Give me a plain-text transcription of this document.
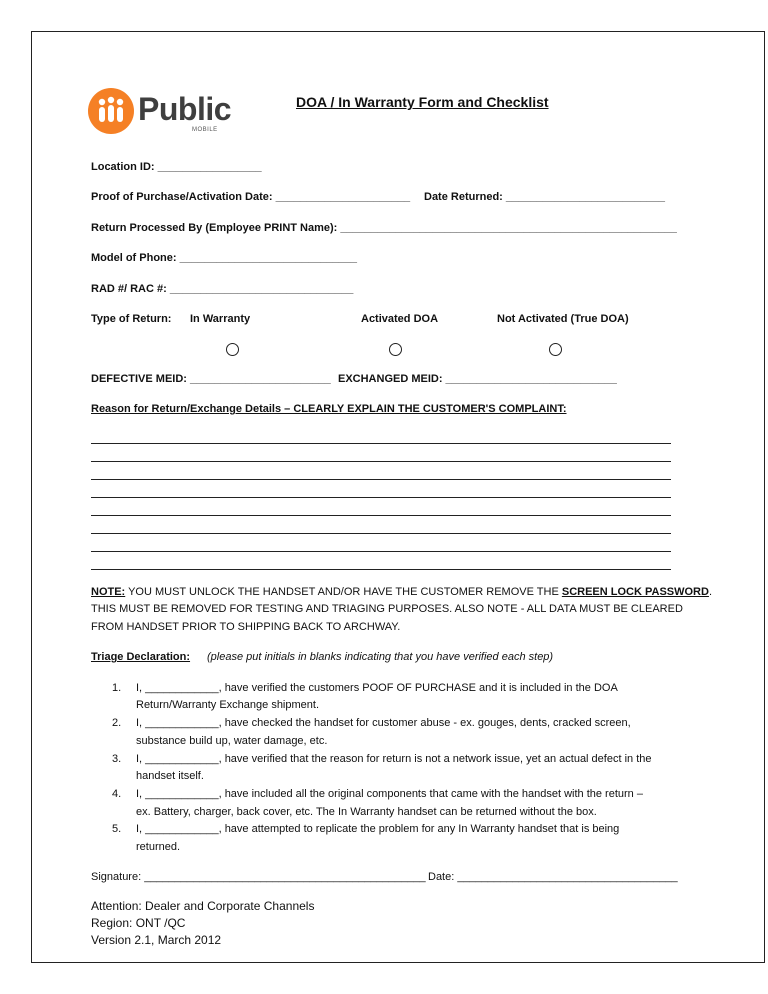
Public
MOBILE
DOA / In Warranty Form and Checklist
Location ID: _________________
Proof of Purchase/Activation Date: ______________________ Date Returned: __________________________
Return Processed By (Employee PRINT Name): _______________________________________________________
Model of Phone: _____________________________
RAD #/ RAC #: ______________________________
Type of Return: In Warranty	Activated DOA	Not Activated (True DOA)
DEFECTIVE MEID: _______________________ EXCHANGED MEID: ____________________________
Reason for Return/Exchange Details – CLEARLY EXPLAIN THE CUSTOMER'S COMPLAINT:
NOTE: YOU MUST UNLOCK THE HANDSET AND/OR HAVE THE CUSTOMER REMOVE THE SCREEN LOCK PASSWORD.
THIS MUST BE REMOVED FOR TESTING AND TRIAGING PURPOSES. ALSO NOTE - ALL DATA MUST BE CLEARED
FROM HANDSET PRIOR TO SHIPPING BACK TO ARCHWAY.
Triage Declaration: (please put initials in blanks indicating that you have verified each step)
1. I, ____________, have verified the customers POOF OF PURCHASE and it is included in the DOA
Return/Warranty Exchange shipment.
2. I, ____________, have checked the handset for customer abuse - ex. gouges, dents, cracked screen,
substance build up, water damage, etc.
3. I, ____________, have verified that the reason for return is not a network issue, yet an actual defect in the
handset itself.
4. I, ____________, have included all the original components that came with the handset with the return –
ex. Battery, charger, back cover, etc. The In Warranty handset can be returned without the box.
5. I, ____________, have attempted to replicate the problem for any In Warranty handset that is being
returned.
Signature: ______________________________________________ Date: ____________________________________
Attention: Dealer and Corporate Channels
Region: ONT /QC
Version 2.1, March 2012
